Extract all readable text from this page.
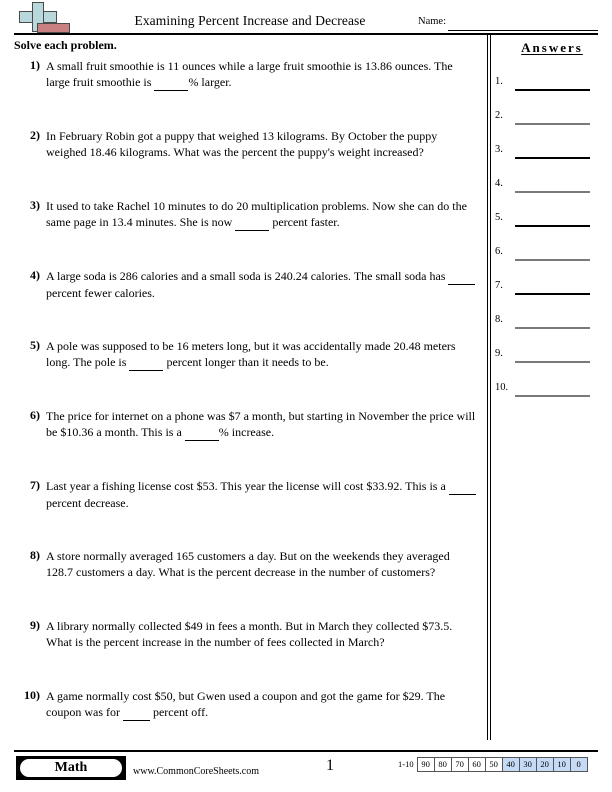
Examining Percent Increase and Decrease	Name:
Solve each problem.
1) A small fruit smoothie is 11 ounces while a large fruit smoothie is 13.86 ounces. The large fruit smoothie is	% larger.
2) In February Robin got a puppy that weighed 13 kilograms. By October the puppy weighed 18.46 kilograms. What was the percent the puppy's weight increased?
3) It used to take Rachel 10 minutes to do 20 multiplication problems. Now she can do the same page in 13.4 minutes. She is now	percent faster.
4) A large soda is 286 calories and a small soda is 240.24 calories. The small soda has   percent fewer calories.
5) A pole was supposed to be 16 meters long, but it was accidentally made 20.48 meters long. The pole is	percent longer than it needs to be.
6) The price for internet on a phone was $7 a month, but starting in November the price will be $10.36 a month. This is a	% increase.
7) Last year a fishing license cost $53. This year the license will cost $33.92. This is a   percent decrease.
8) A store normally averaged 165 customers a day. But on the weekends they averaged 128.7 customers a day. What is the percent decrease in the number of customers?
9) A library normally collected $49 in fees a month. But in March they collected $73.5. What is the percent increase in the number of fees collected in March?
10) A game normally cost $50, but Gwen used a coupon and got the game for $29. The coupon was for   percent off.
Answers
1.
2.
3.
4.
5.
6.
7.
8.
9.
10.
Math	www.CommonCoreSheets.com	1	1-10 90	80	70	60	50	40	30	20	10	0
